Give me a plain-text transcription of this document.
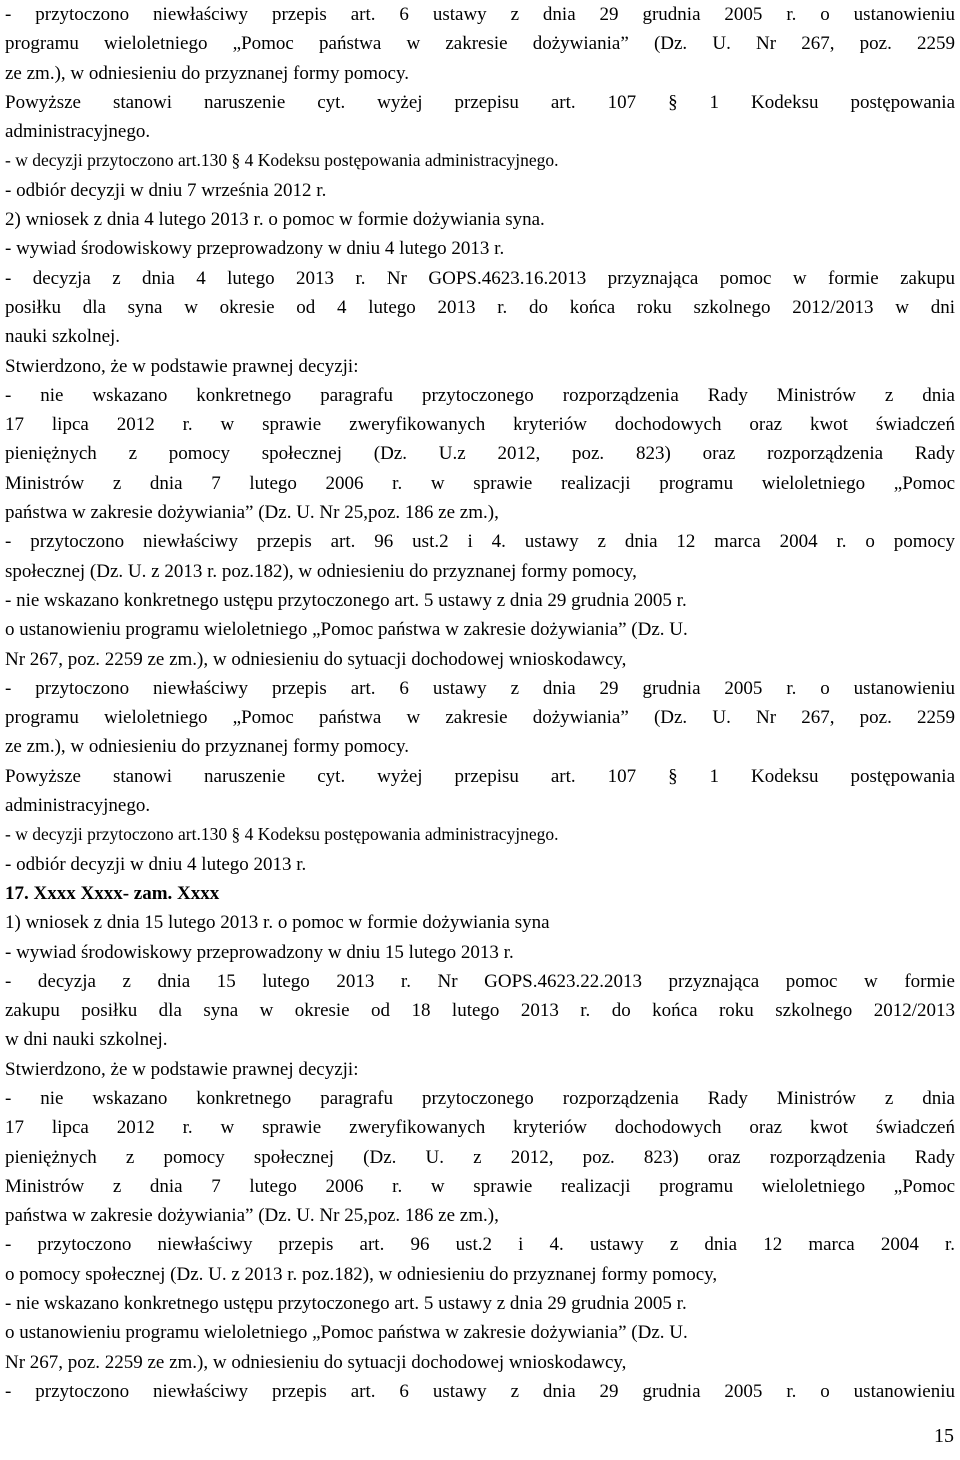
- przytoczono niewłaściwy przepis art. 6 ustawy z dnia 29 grudnia 2005 r. o ustanowieniu
programu wieloletniego „Pomoc państwa w zakresie dożywiania” (Dz. U. Nr 267, poz. 2259
ze zm.), w odniesieniu do przyznanej formy pomocy.
Powyższe stanowi naruszenie cyt. wyżej przepisu art. 107 § 1 Kodeksu postępowania
administracyjnego.
- w decyzji przytoczono art.130 § 4 Kodeksu postępowania administracyjnego.
- odbiór decyzji w dniu 7 września 2012 r.
2) wniosek z dnia 4 lutego 2013 r. o pomoc w formie dożywiania syna.
- wywiad środowiskowy przeprowadzony w dniu 4 lutego 2013 r.
- decyzja z dnia 4 lutego 2013 r. Nr GOPS.4623.16.2013 przyznająca pomoc w formie zakupu
posiłku dla syna w okresie od 4 lutego 2013 r. do końca roku szkolnego 2012/2013 w dni
nauki szkolnej.
Stwierdzono, że w podstawie prawnej decyzji:
- nie wskazano konkretnego paragrafu przytoczonego rozporządzenia Rady Ministrów z dnia
17 lipca 2012 r. w sprawie zweryfikowanych kryteriów dochodowych oraz kwot świadczeń
pieniężnych z pomocy społecznej (Dz. U.z 2012, poz. 823) oraz rozporządzenia Rady
Ministrów z dnia 7 lutego 2006 r. w sprawie realizacji programu wieloletniego „Pomoc
państwa w zakresie dożywiania” (Dz. U. Nr 25,poz. 186 ze zm.),
- przytoczono niewłaściwy przepis art. 96 ust.2 i 4. ustawy z dnia 12 marca 2004 r. o pomocy
społecznej (Dz. U. z 2013 r. poz.182), w odniesieniu do przyznanej formy pomocy,
- nie wskazano konkretnego ustępu przytoczonego art. 5 ustawy z dnia 29 grudnia 2005 r.
o ustanowieniu programu wieloletniego „Pomoc państwa w zakresie dożywiania” (Dz. U.
Nr 267, poz. 2259 ze zm.), w odniesieniu do sytuacji dochodowej wnioskodawcy,
- przytoczono niewłaściwy przepis art. 6 ustawy z dnia 29 grudnia 2005 r. o ustanowieniu
programu wieloletniego „Pomoc państwa w zakresie dożywiania” (Dz. U. Nr 267, poz. 2259
ze zm.), w odniesieniu do przyznanej formy pomocy.
Powyższe stanowi naruszenie cyt. wyżej przepisu art. 107 § 1 Kodeksu postępowania
administracyjnego.
- w decyzji przytoczono art.130 § 4 Kodeksu postępowania administracyjnego.
- odbiór decyzji w dniu 4 lutego 2013 r.
17. Xxxx Xxxx- zam. Xxxx
1) wniosek z dnia 15 lutego 2013 r. o pomoc w formie dożywiania syna
- wywiad środowiskowy przeprowadzony w dniu 15 lutego 2013 r.
- decyzja z dnia 15 lutego 2013 r. Nr GOPS.4623.22.2013 przyznająca pomoc w formie
zakupu posiłku dla syna w okresie od 18 lutego 2013 r. do końca roku szkolnego 2012/2013
w dni nauki szkolnej.
Stwierdzono, że w podstawie prawnej decyzji:
- nie wskazano konkretnego paragrafu przytoczonego rozporządzenia Rady Ministrów z dnia
17 lipca 2012 r. w sprawie zweryfikowanych kryteriów dochodowych oraz kwot świadczeń
pieniężnych z pomocy społecznej (Dz. U. z 2012, poz. 823) oraz rozporządzenia Rady
Ministrów z dnia 7 lutego 2006 r. w sprawie realizacji programu wieloletniego „Pomoc
państwa w zakresie dożywiania” (Dz. U. Nr 25,poz. 186 ze zm.),
- przytoczono niewłaściwy przepis art. 96 ust.2 i 4. ustawy z dnia 12 marca 2004 r.
o pomocy społecznej (Dz. U. z 2013 r. poz.182), w odniesieniu do przyznanej formy pomocy,
- nie wskazano konkretnego ustępu przytoczonego art. 5 ustawy z dnia 29 grudnia 2005 r.
o ustanowieniu programu wieloletniego „Pomoc państwa w zakresie dożywiania” (Dz. U.
Nr 267, poz. 2259 ze zm.), w odniesieniu do sytuacji dochodowej wnioskodawcy,
- przytoczono niewłaściwy przepis art. 6 ustawy z dnia 29 grudnia 2005 r. o ustanowieniu
15
